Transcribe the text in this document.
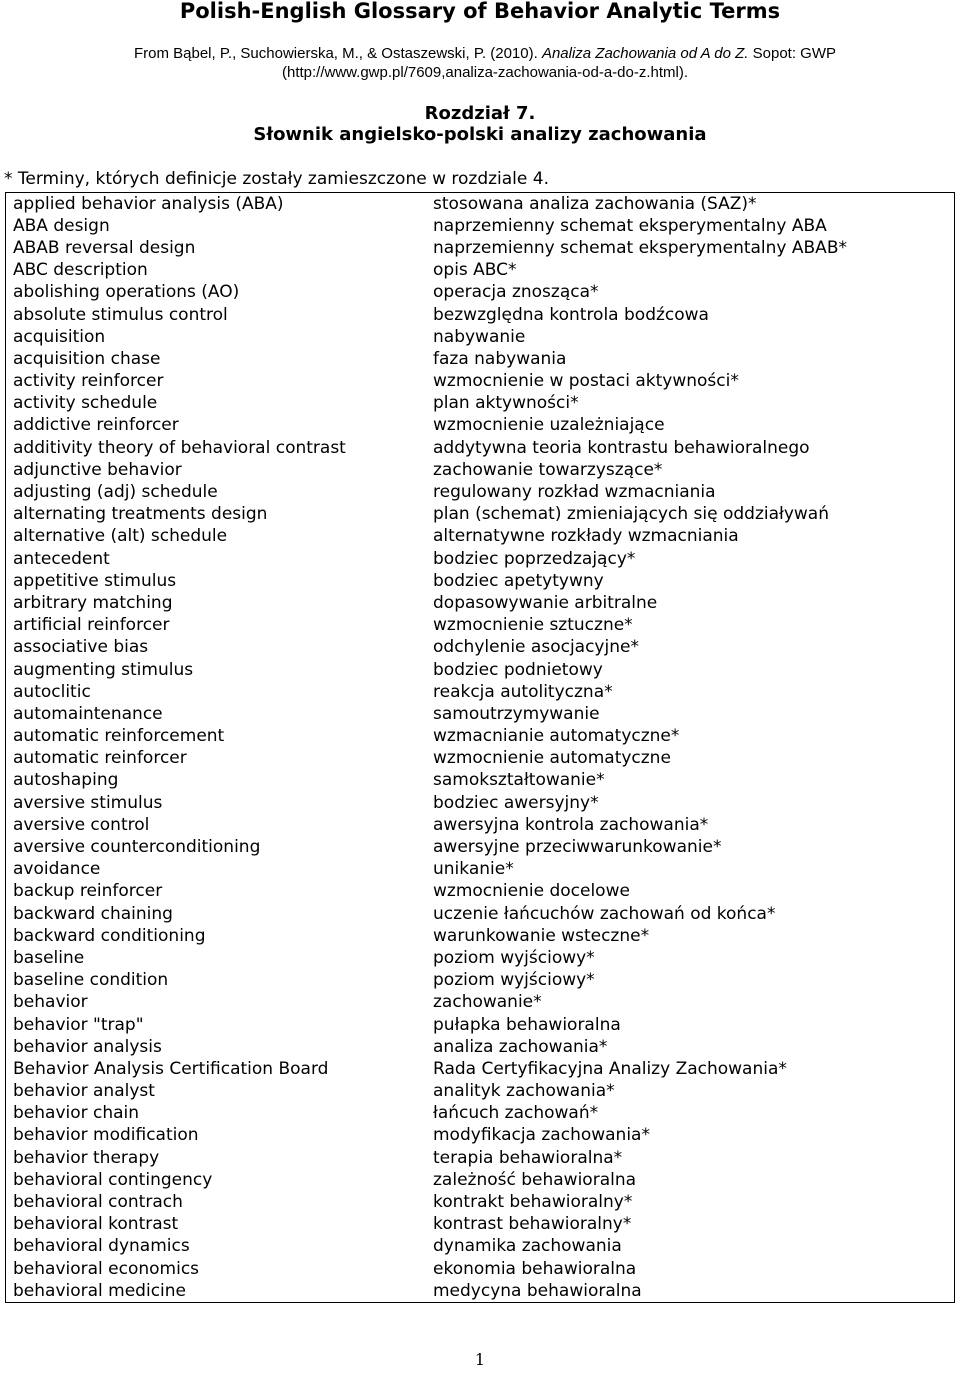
Polish-English Glossary of Behavior Analytic Terms

From Bąbel, P., Suchowierska, M., & Ostaszewski, P. (2010). Analiza Zachowania od A do Z. Sopot: GWP (http://www.gwp.pl/7609,analiza-zachowania-od-a-do-z.html).

Rozdział 7.

Słownik angielsko-polski analizy zachowania

* Terminy, których definicje zostały zamieszczone w rozdziale 4.

applied behavior analysis (ABA)	stosowana analiza zachowania (SAZ)*
ABA design	naprzemienny schemat eksperymentalny ABA
ABAB reversal design	naprzemienny schemat eksperymentalny ABAB*
ABC description	opis ABC*
abolishing operations (AO)	operacja znosząca*
absolute stimulus control	bezwzględna kontrola bodźcowa
acquisition	nabywanie
acquisition chase	faza nabywania
activity reinforcer	wzmocnienie w postaci aktywności*
activity schedule	plan aktywności*
addictive reinforcer	wzmocnienie uzależniające
additivity theory of behavioral contrast	addytywna teoria kontrastu behawioralnego
adjunctive behavior	zachowanie towarzyszące*
adjusting (adj) schedule	regulowany rozkład wzmacniania
alternating treatments design	plan (schemat) zmieniających się oddziaływań
alternative (alt) schedule	alternatywne rozkłady wzmacniania
antecedent	bodziec poprzedzający*
appetitive stimulus	bodziec apetytywny
arbitrary matching	dopasowywanie arbitralne
artificial reinforcer	wzmocnienie sztuczne*
associative bias	odchylenie asocjacyjne*
augmenting stimulus	bodziec podnietowy
autoclitic	reakcja autolityczna*
automaintenance	samoutrzymywanie
automatic reinforcement	wzmacnianie automatyczne*
automatic reinforcer	wzmocnienie automatyczne
autoshaping	samokształtowanie*
aversive stimulus	bodziec awersyjny*
aversive control	awersyjna kontrola zachowania*
aversive counterconditioning	awersyjne przeciwwarunkowanie*
avoidance	unikanie*
backup reinforcer	wzmocnienie docelowe
backward chaining	uczenie łańcuchów zachowań od końca*
backward conditioning	warunkowanie wsteczne*
baseline	poziom wyjściowy*
baseline condition	poziom wyjściowy*
behavior	zachowanie*
behavior "trap"	pułapka behawioralna
behavior analysis	analiza zachowania*
Behavior Analysis Certification Board	Rada Certyfikacyjna Analizy Zachowania*
behavior analyst	analityk zachowania*
behavior chain	łańcuch zachowań*
behavior modification	modyfikacja zachowania*
behavior therapy	terapia behawioralna*
behavioral contingency	zależność behawioralna
behavioral contrach	kontrakt behawioralny*
behavioral kontrast	kontrast behawioralny*
behavioral dynamics	dynamika zachowania
behavioral economics	ekonomia behawioralna
behavioral medicine	medycyna behawioralna

1
